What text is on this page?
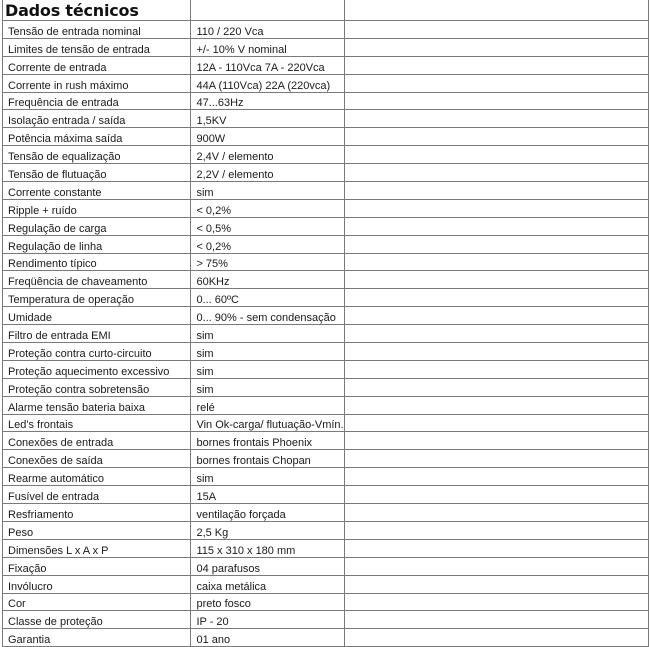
Dados técnicos		
Tensão de entrada nominal	110 / 220 Vca	
Limites de tensão de entrada	+/- 10% V nominal	
Corrente de entrada	12A - 110Vca 7A - 220Vca	
Corrente in rush máximo	44A (110Vca) 22A (220vca)	
Frequência de entrada	47...63Hz	
Isolação entrada / saída	1,5KV	
Potência máxima saída	900W	
Tensão de equalização	2,4V / elemento	
Tensão de flutuação	2,2V / elemento	
Corrente constante	sim	
Ripple + ruído	< 0,2%	
Regulação de carga	< 0,5%	
Regulação de linha	< 0,2%	
Rendimento típico	> 75%	
Freqüência de chaveamento	60KHz	
Temperatura de operação	0... 60ºC	
Umidade	0... 90% - sem condensação	
Filtro de entrada EMI	sim	
Proteção contra curto-circuito	sim	
Proteção aquecimento excessivo	sim	
Proteção contra sobretensão	sim	
Alarme tensão bateria baixa	relé	
Led's frontais	Vin Ok-carga/ flutuação-Vmín.	
Conexões de entrada	bornes frontais Phoenix	
Conexões de saída	bornes frontais Chopan	
Rearme automático	sim	
Fusível de entrada	15A	
Resfriamento	ventilação forçada	
Peso	2,5 Kg	
Dimensões L x A x P	115 x 310 x 180 mm	
Fixação	04 parafusos	
Invólucro	caixa metálica	
Cor	preto fosco	
Classe de proteção	IP - 20	
Garantia	01 ano	
